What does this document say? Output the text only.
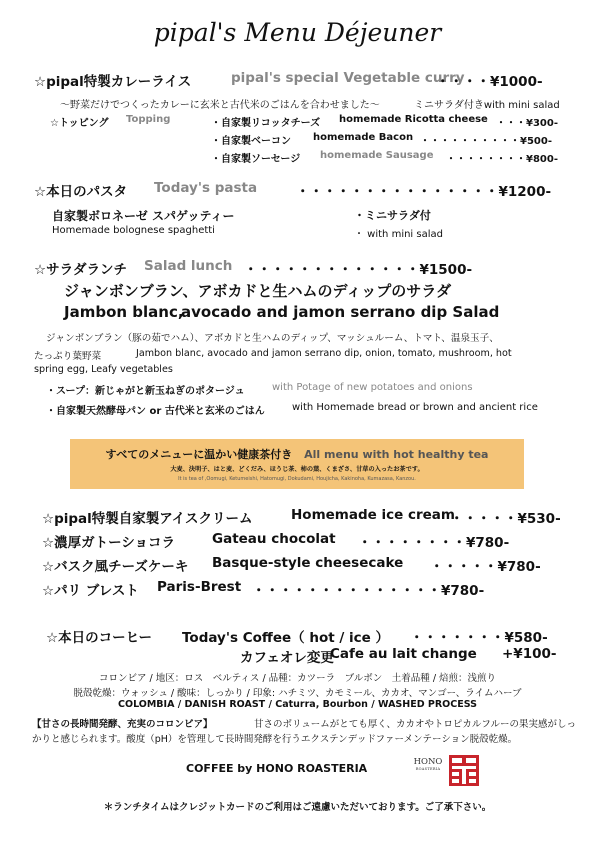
pipal's Menu Déjeuner
☆pipal特製カレーライス	pipal's special Vegetable curry
・・・・¥1000-
〜野菜だけでつくったカレーに玄米と古代米のごはんを合わせました〜	ミニサラダ付きwith mini salad
☆トッピング Topping	・自家製リコッタチーズ homemade Ricotta cheese ・・・¥300-
・自家製ベーコン homemade Bacon ・・・・・・・・・・¥500-
・自家製ソーセージ homemade Sausage ・・・・・・・・¥800-
☆本日のパスタ Today's pasta	・・・・・・・・・・・・・・・¥1200-
自家製ボロネーゼ スパゲッティー	・ミニサラダ付
Homemade bolognese spaghetti	・ with mini salad
☆サラダランチ Salad lunch ・・・・・・・・・・・・・¥1500-
ジャンボンブラン、アボカドと生ハムのディップのサラダ
Jambon blanc,
avocado and jamon serrano dip Salad
ジャンボンブラン（豚の茹でハム）、アボカドと生ハムのディップ、マッシュルーム、トマト、温泉玉子、
たっぷり葉野菜	Jambon blanc, avocado and jamon serrano dip, onion, tomato, mushroom, hot
spring egg, Leafy vegetables
・スープ：新じゃがと新玉ねぎのポタージュ	with Potage of new potatoes and onions
・自家製天然酵母パン or 古代米と玄米のごはん	with Homemade bread or brown and ancient rice
すべてのメニューに温かい健康茶付き All menu with hot healthy tea
大麦、決明子、はと麦、どくだみ、ほうじ茶、柿の葉、くまざさ、甘草の入ったお茶です。
It is tea of ,Oomugi, Ketumeishi, Hatomugi, Dokudami, Houjicha, Kakinoha, Kumazasa, Kanzou.
☆pipal特製自家製アイスクリーム	Homemade ice cream
・・・・・¥530-
☆濃厚ガトーショコラ	Gateau chocolat ・・・・・・・・¥780-
☆バスク風チーズケーキ Basque-style cheesecake ・・・・・¥780-
☆パリ ブレスト Paris-Brest ・・・・・・・・・・・・・・¥780-
☆本日のコーヒー Today's Coffee（ hot / ice ） ・・・・・・・¥580-
カフェオレ変更
Cafe au lait change +¥100-
コロンビア / 地区：ロス　ベルティス / 品種：カツーラ　ブルボン　土着品種 / 焙煎：浅煎り
脱殻乾燥：ウォッシュ / 酸味：しっかり / 印象: ハチミツ、カモミール、カカオ、マンゴー、ライムハーブ
COLOMBIA / DANISH ROAST / Caturra, Bourbon / WASHED PROCESS
【甘さの長時間発酵、充実のコロンビア】	甘さのボリュームがとても厚く、カカオやトロピカルフルーの果実感がしっ
かりと感じられます。酸度（pH）を管理して長時間発酵を行うエクステンデッドファーメンテーション脱殻乾燥。
COFFEE by HONO ROASTERIA	HONO
ROASTERIA
＊ランチタイムはクレジットカードのご利用はご遠慮いただいております。ご了承下さい。
